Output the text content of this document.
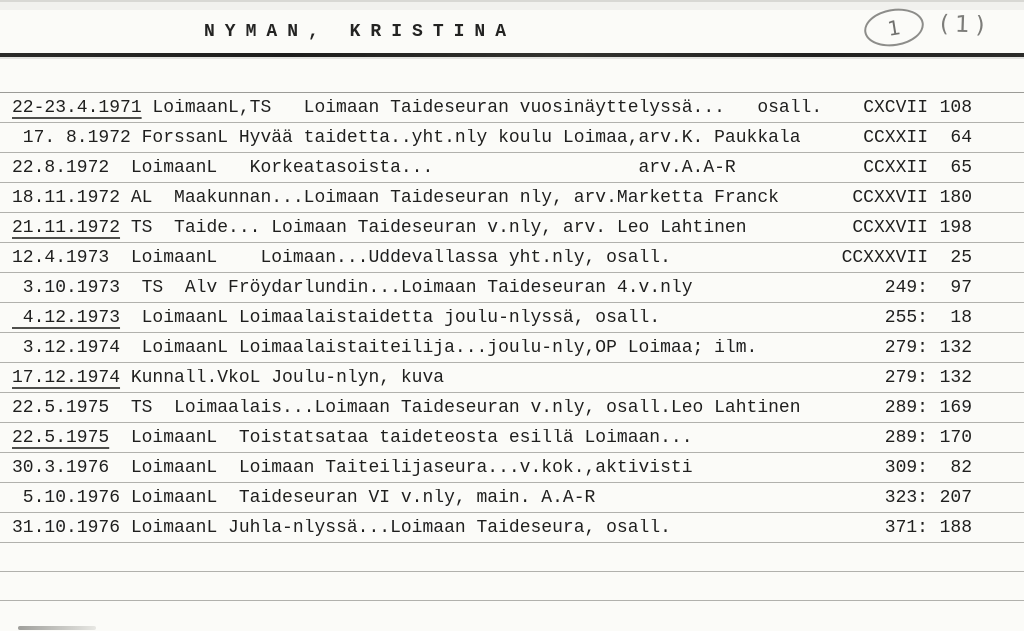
NYMAN, KRISTINA	1 (1)
22-23.4.1971 LoimaanL,TS   Loimaan Taideseuran vuosinäyttelyssä...   osall.	CXCVII 108
17. 8.1972 ForssanL Hyvää taidetta..yht.nly koulu Loimaa,arv.K. Paukkala	CCXXII	64
22.8.1972 LoimaanL   Korkeatasoista...                   arv.A.A-R	CCXXII	65
18.11.1972 AL  Maakunnan...Loimaan Taideseuran nly, arv.Marketta Franck	CCXXVII 180
21.11.1972 TS  Taide... Loimaan Taideseuran v.nly, arv. Leo Lahtinen	CCXXVII 198
12.4.1973 LoimaanL    Loimaan...Uddevallassa yht.nly, osall.	CCXXXVII	25
3.10.1973 TS  Alv Fröydarlundin...Loimaan Taideseuran 4.v.nly	249:	97
4.12.1973 LoimaanL Loimaalaistaidetta joulu-nlyssä, osall.	255:	18
3.12.1974 LoimaanL Loimaalaistaiteilija...joulu-nly,OP Loimaa; ilm.	279: 132
17.12.1974 Kunnall.VkoL Joulu-nlyn, kuva	279: 132
22.5.1975 TS  Loimaalais...Loimaan Taideseuran v.nly, osall.Leo Lahtinen	289: 169
22.5.1975 LoimaanL  Toistatsataa taideteosta esillä Loimaan...	289: 170
30.3.1976 LoimaanL  Loimaan Taiteilijaseura...v.kok.,aktivisti	309:	82
5.10.1976 LoimaanL  Taideseuran VI v.nly, main. A.A-R	323: 207
31.10.1976 LoimaanL Juhla-nlyssä...Loimaan Taideseura, osall.	371: 188
